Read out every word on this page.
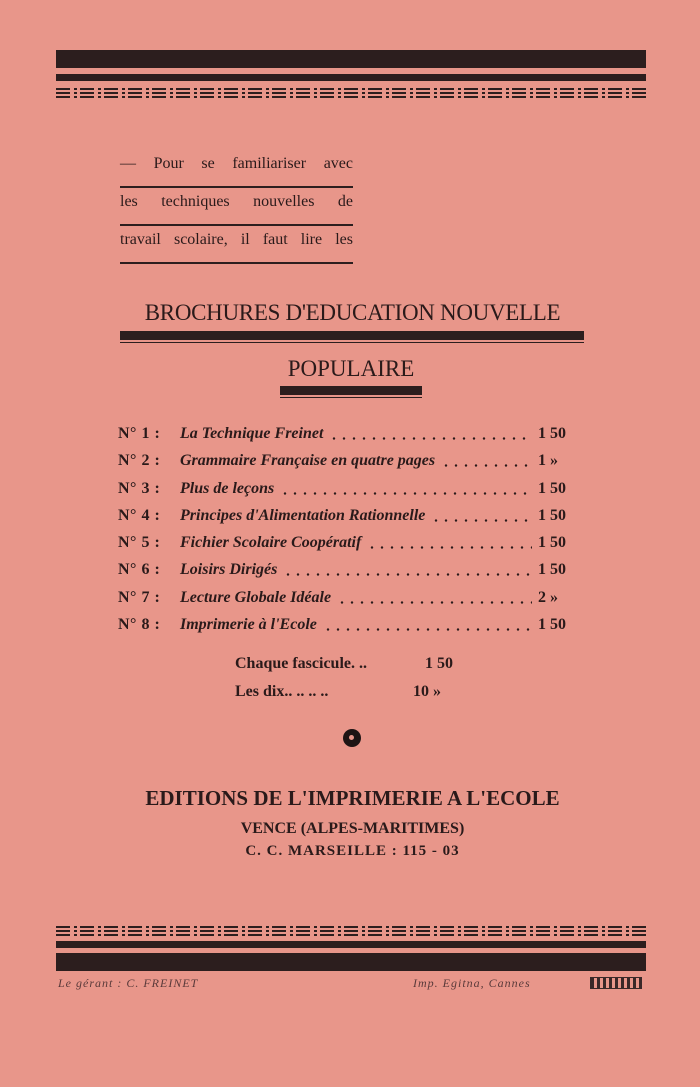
— Pour se familiariser avec

les techniques nouvelles de

travail scolaire, il faut lire les

BROCHURES D'EDUCATION NOUVELLE
POPULAIRE
N° 1 : La Technique Freinet	1 50
N° 2 : Grammaire Française en quatre pages	1 »
N° 3 : Plus de leçons	1 50
N° 4 : Principes d'Alimentation Rationnelle	1 50
N° 5 : Fichier Scolaire Coopératif	1 50
N° 6 : Loisirs Dirigés	1 50
N° 7 : Lecture Globale Idéale	2 »
N° 8 : Imprimerie à l'Ecole	1 50
Chaque fascicule. ..	1 50
Les dix.. .. .. ..	10 »
EDITIONS DE L'IMPRIMERIE A L'ECOLE
VENCE (ALPES-MARITIMES)
C. C. MARSEILLE : 115 - 03
Le gérant : C. FREINET	Imp. Egitna, Cannes
